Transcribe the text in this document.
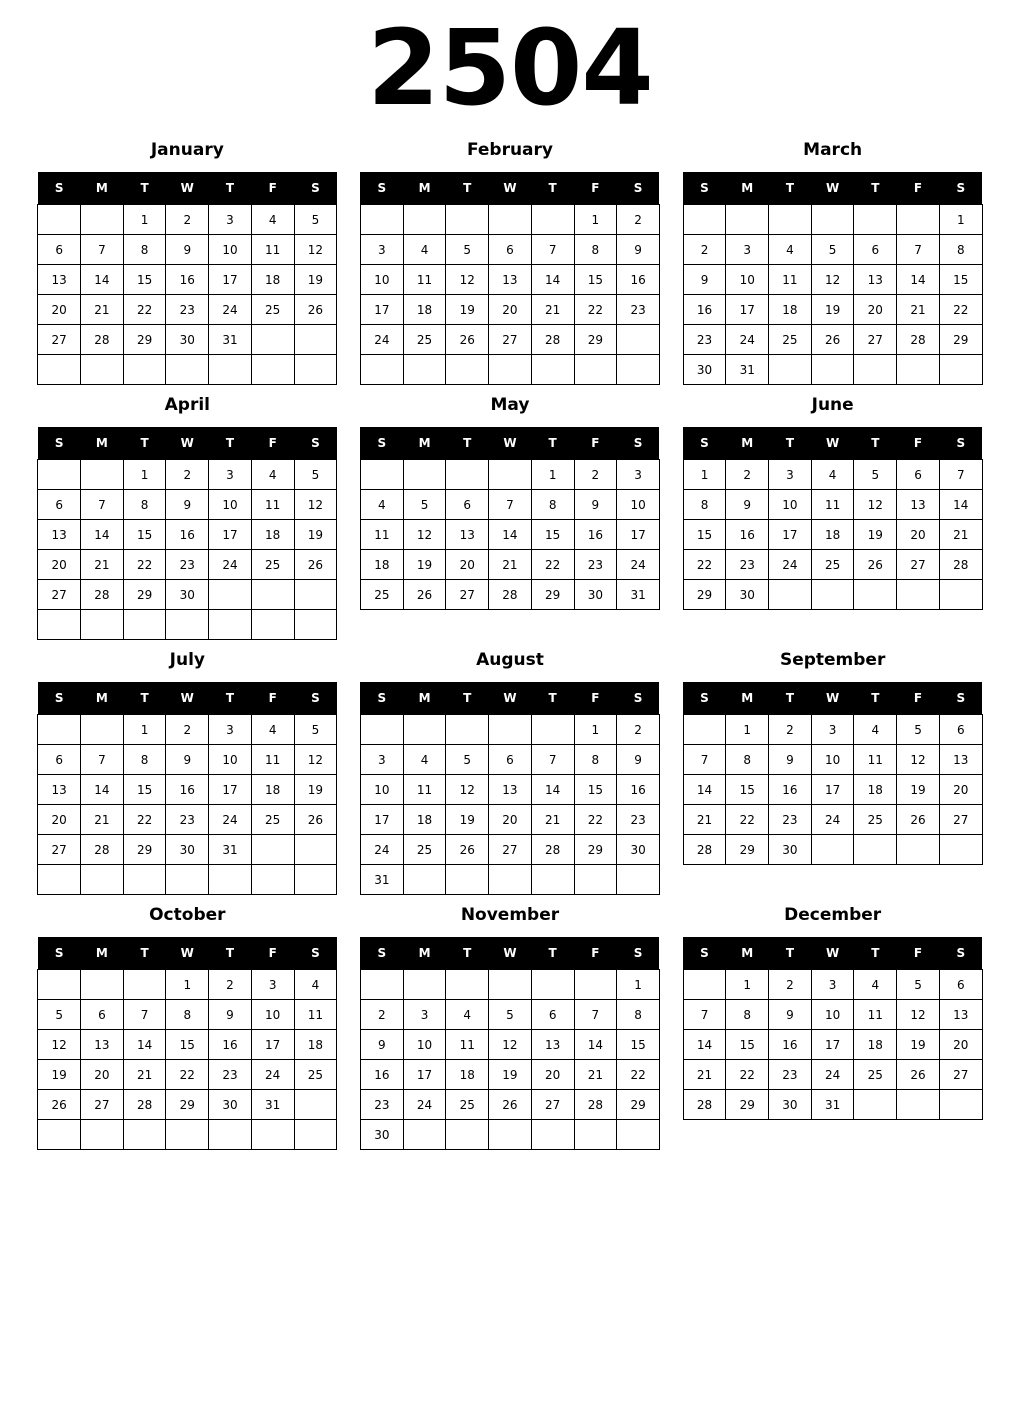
2504
January
S	M	T	W	T	F	S
		1	2	3	4	5
6	7	8	9	10	11	12
13	14	15	16	17	18	19
20	21	22	23	24	25	26
27	28	29	30	31		

February
S	M	T	W	T	F	S
					1	2
3	4	5	6	7	8	9
10	11	12	13	14	15	16
17	18	19	20	21	22	23
24	25	26	27	28	29	

March
S	M	T	W	T	F	S
						1
2	3	4	5	6	7	8
9	10	11	12	13	14	15
16	17	18	19	20	21	22
23	24	25	26	27	28	29
30	31					
April
S	M	T	W	T	F	S
		1	2	3	4	5
6	7	8	9	10	11	12
13	14	15	16	17	18	19
20	21	22	23	24	25	26
27	28	29	30			

May
S	M	T	W	T	F	S
				1	2	3
4	5	6	7	8	9	10
11	12	13	14	15	16	17
18	19	20	21	22	23	24
25	26	27	28	29	30	31
June
S	M	T	W	T	F	S
1	2	3	4	5	6	7
8	9	10	11	12	13	14
15	16	17	18	19	20	21
22	23	24	25	26	27	28
29	30					
July
S	M	T	W	T	F	S
		1	2	3	4	5
6	7	8	9	10	11	12
13	14	15	16	17	18	19
20	21	22	23	24	25	26
27	28	29	30	31		

August
S	M	T	W	T	F	S
					1	2
3	4	5	6	7	8	9
10	11	12	13	14	15	16
17	18	19	20	21	22	23
24	25	26	27	28	29	30
31						
September
S	M	T	W	T	F	S
	1	2	3	4	5	6
7	8	9	10	11	12	13
14	15	16	17	18	19	20
21	22	23	24	25	26	27
28	29	30				
October
S	M	T	W	T	F	S
			1	2	3	4
5	6	7	8	9	10	11
12	13	14	15	16	17	18
19	20	21	22	23	24	25
26	27	28	29	30	31	

November
S	M	T	W	T	F	S
						1
2	3	4	5	6	7	8
9	10	11	12	13	14	15
16	17	18	19	20	21	22
23	24	25	26	27	28	29
30						
December
S	M	T	W	T	F	S
	1	2	3	4	5	6
7	8	9	10	11	12	13
14	15	16	17	18	19	20
21	22	23	24	25	26	27
28	29	30	31			
